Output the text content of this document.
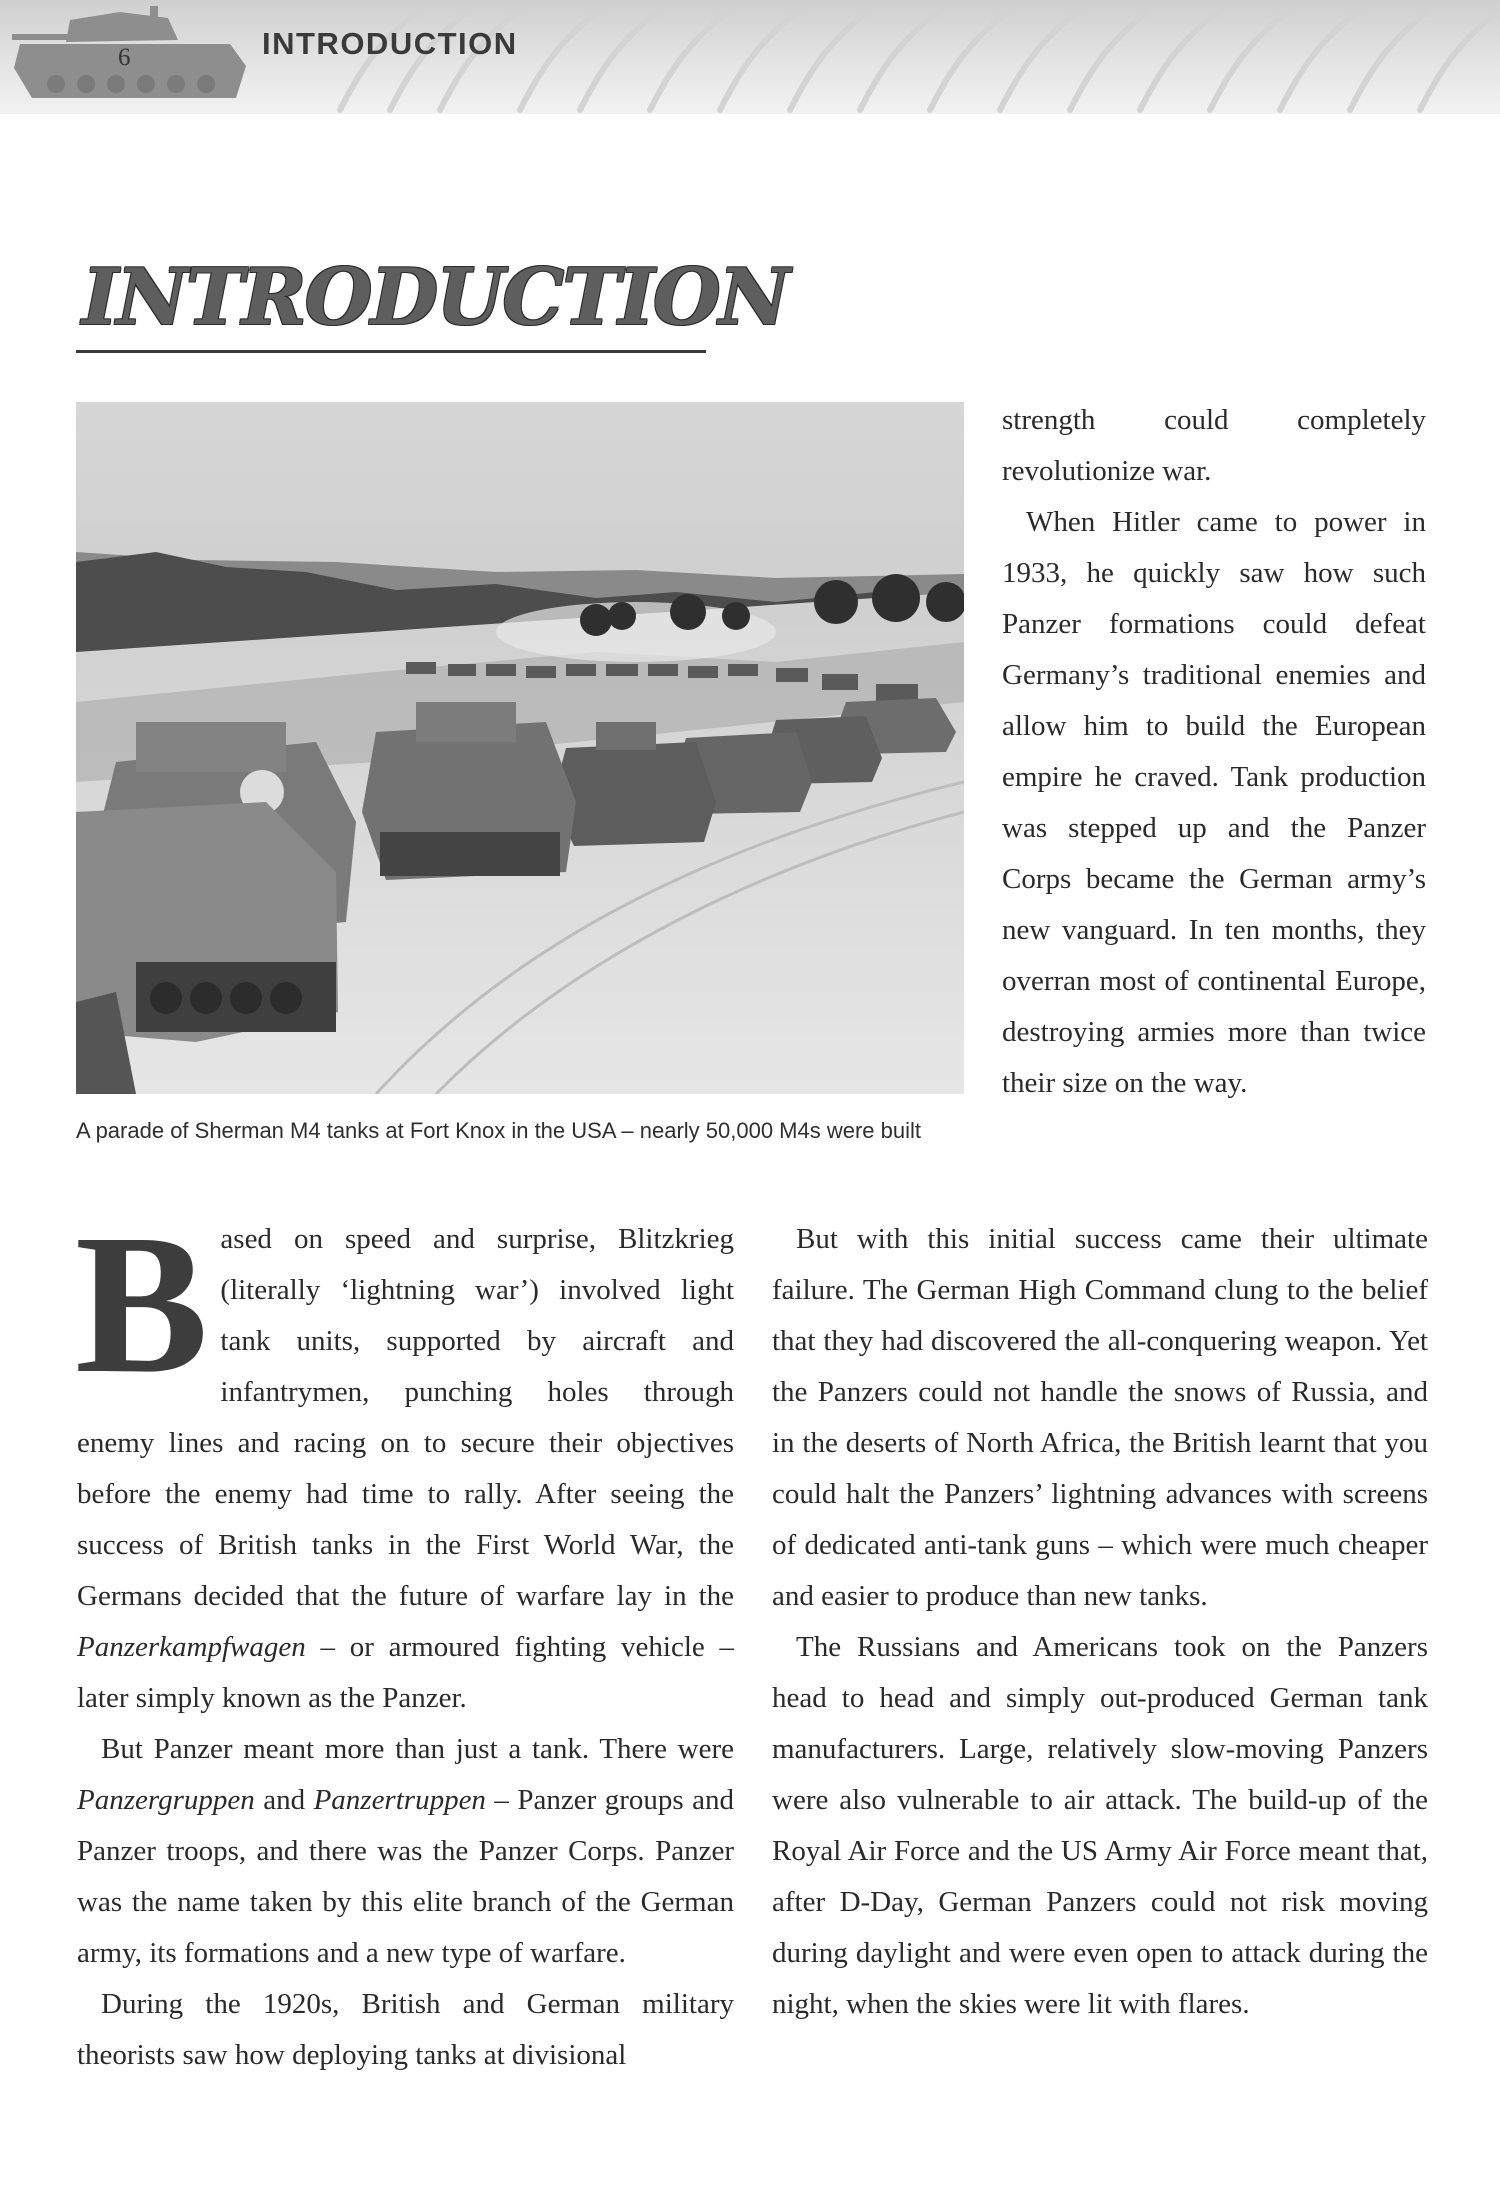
6	INTRODUCTION
INTRODUCTION
A parade of Sherman M4 tanks at Fort Knox in the USA – nearly 50,000 M4s were built

strength could completely revolutionize war.

When Hitler came to power in 1933, he quickly saw how such Panzer formations could defeat Germany’s traditional enemies and allow him to build the European empire he craved. Tank production was stepped up and the Panzer Corps became the German army’s new vanguard. In ten months, they overran most of continental Europe, destroying armies more than twice their size on the way.

Based on speed and surprise, Blitzkrieg (literally ‘lightning war’) involved light tank units, supported by aircraft and infantrymen, punching holes through enemy lines and racing on to secure their objectives before the enemy had time to rally. After seeing the success of British tanks in the First World War, the Germans decided that the future of warfare lay in the Panzerkampfwagen – or armoured fighting vehicle – later simply known as the Panzer.

But Panzer meant more than just a tank. There were Panzergruppen and Panzertruppen – Panzer groups and Panzer troops, and there was the Panzer Corps. Panzer was the name taken by this elite branch of the German army, its formations and a new type of warfare.

During the 1920s, British and German military theorists saw how deploying tanks at divisional

But with this initial success came their ultimate failure. The German High Command clung to the belief that they had discovered the all-conquering weapon. Yet the Panzers could not handle the snows of Russia, and in the deserts of North Africa, the British learnt that you could halt the Panzers’ lightning advances with screens of dedicated anti-tank guns – which were much cheaper and easier to produce than new tanks.

The Russians and Americans took on the Panzers head to head and simply out-produced German tank manufacturers. Large, relatively slow-moving Panzers were also vulnerable to air attack. The build-up of the Royal Air Force and the US Army Air Force meant that, after D-Day, German Panzers could not risk moving during daylight and were even open to attack during the night, when the skies were lit with flares.
